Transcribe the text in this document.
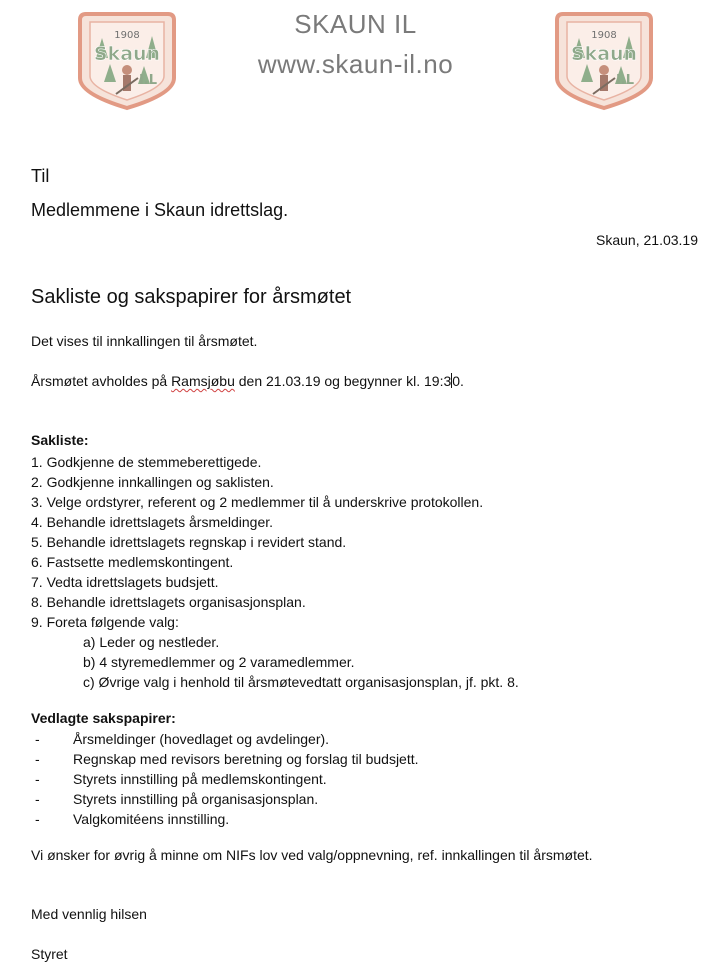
1908
Skaun
I.L
1908
Skaun
I.L
SKAUN IL
www.skaun-il.no
Til
Medlemmene i Skaun idrettslag.
Skaun, 21.03.19
Sakliste og sakspapirer for årsmøtet
Det vises til innkallingen til årsmøtet.
Årsmøtet avholdes på Ramsjøbu den 21.03.19 og begynner kl. 19:30.
Sakliste:
1. Godkjenne de stemmeberettigede.
2. Godkjenne innkallingen og saklisten.
3. Velge ordstyrer, referent og 2 medlemmer til å underskrive protokollen.
4. Behandle idrettslagets årsmeldinger.
5. Behandle idrettslagets regnskap i revidert stand.
6. Fastsette medlemskontingent.
7. Vedta idrettslagets budsjett.
8. Behandle idrettslagets organisasjonsplan.
9. Foreta følgende valg:
a) Leder og nestleder.
b) 4 styremedlemmer og 2 varamedlemmer.
c) Øvrige valg i henhold til årsmøtevedtatt organisasjonsplan, jf. pkt. 8.
Vedlagte sakspapirer:
- Årsmeldinger (hovedlaget og avdelinger).
- Regnskap med revisors beretning og forslag til budsjett.
- Styrets innstilling på medlemskontingent.
- Styrets innstilling på organisasjonsplan.
- Valgkomitéens innstilling.
Vi ønsker for øvrig å minne om NIFs lov ved valg/oppnevning, ref. innkallingen til årsmøtet.
Med vennlig hilsen
Styret
